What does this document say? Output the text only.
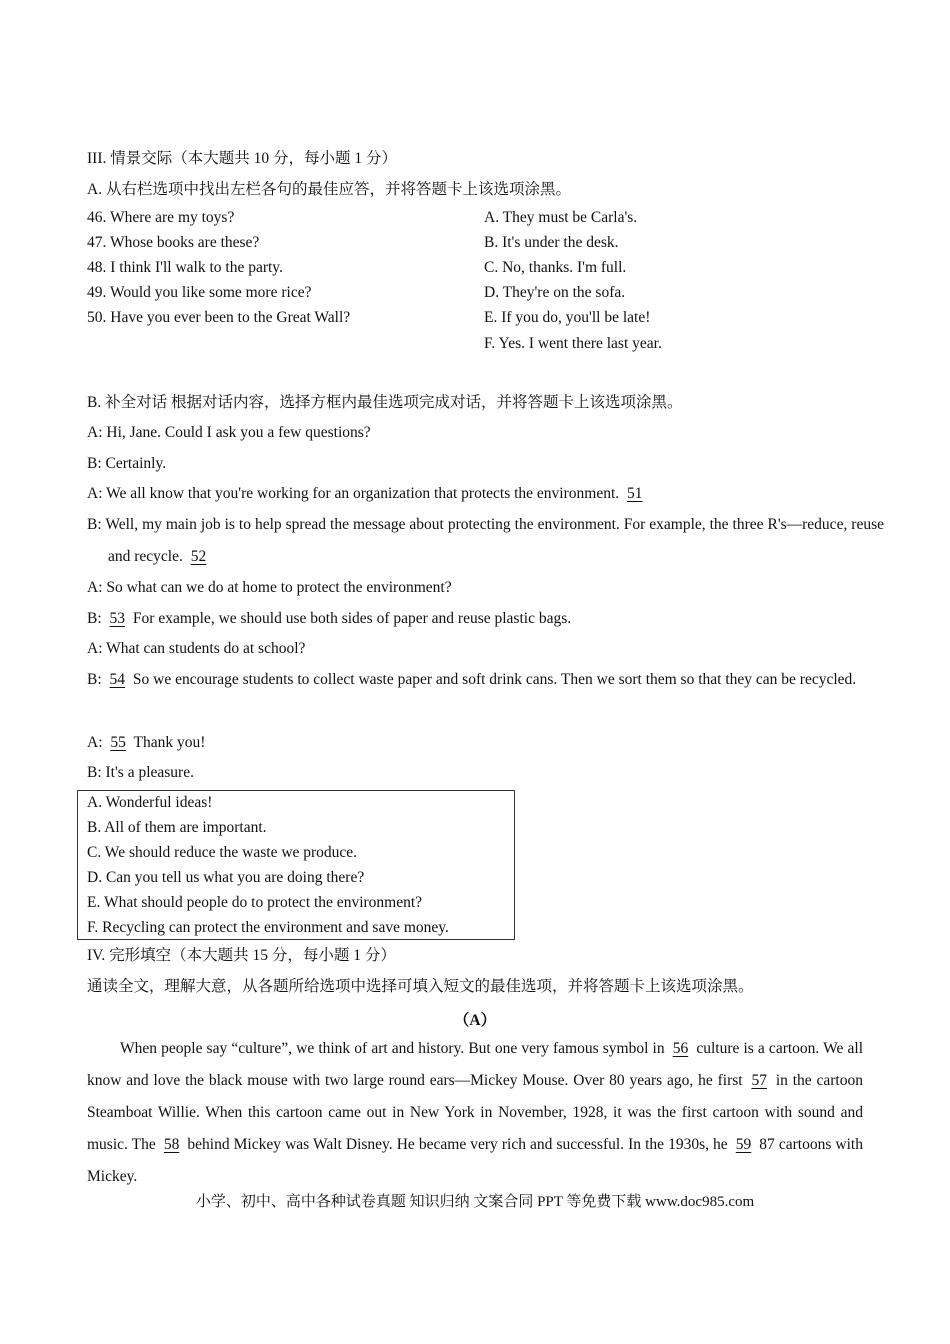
III. 情景交际（本大题共 10 分，每小题 1 分）
A. 从右栏选项中找出左栏各句的最佳应答，并将答题卡上该选项涂黑。
46. Where are my toys?
47. Whose books are these?
48. I think I'll walk to the party.
49. Would you like some more rice?
50. Have you ever been to the Great Wall?
A. They must be Carla's.
B. It's under the desk.
C. No, thanks. I'm full.
D. They're on the sofa.
E. If you do, you'll be late!
F. Yes. I went there last year.
B. 补全对话 根据对话内容，选择方框内最佳选项完成对话，并将答题卡上该选项涂黑。
A: Hi, Jane. Could I ask you a few questions?
B: Certainly.
A: We all know that you're working for an organization that protects the environment. 51
B: Well, my main job is to help spread the message about protecting the environment. For example, the three R's—reduce, reuse and recycle. 52
A: So what can we do at home to protect the environment?
B: 53 For example, we should use both sides of paper and reuse plastic bags.
A: What can students do at school?
B: 54 So we encourage students to collect waste paper and soft drink cans. Then we sort them so that they can be recycled.
A: 55 Thank you!
B: It's a pleasure.
A. Wonderful ideas!
B. All of them are important.
C. We should reduce the waste we produce.
D. Can you tell us what you are doing there?
E. What should people do to protect the environment?
F. Recycling can protect the environment and save money.
IV. 完形填空（本大题共 15 分，每小题 1 分）
通读全文，理解大意，从各题所给选项中选择可填入短文的最佳选项，并将答题卡上该选项涂黑。
（A）
When people say “culture”, we think of art and history. But one very famous symbol in 56 culture is a cartoon. We all know and love the black mouse with two large round ears—Mickey Mouse. Over 80 years ago, he first 57 in the cartoon Steamboat Willie. When this cartoon came out in New York in November, 1928, it was the first cartoon with sound and music. The 58 behind Mickey was Walt Disney. He became very rich and successful. In the 1930s, he 59 87 cartoons with Mickey.
小学、初中、高中各种试卷真题 知识归纳 文案合同 PPT 等免费下载 www.doc985.com
